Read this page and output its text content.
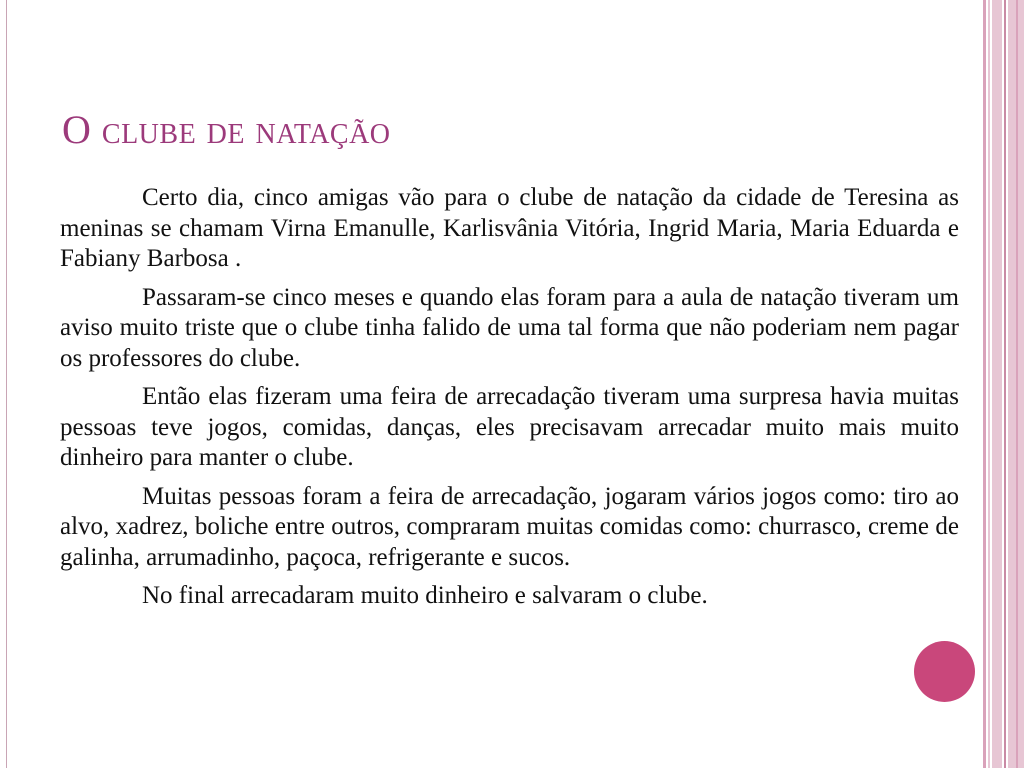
O clube de natação

Certo dia, cinco amigas vão para o clube de natação da cidade de Teresina as meninas se chamam Virna Emanulle, Karlisvânia Vitória, Ingrid Maria, Maria Eduarda e Fabiany Barbosa .

Passaram-se cinco meses e quando elas foram para a aula de natação tiveram um aviso muito triste que o clube tinha falido de uma tal forma que não poderiam nem pagar os professores do clube.

Então elas fizeram uma feira de arrecadação tiveram uma surpresa havia muitas pessoas teve jogos, comidas, danças, eles precisavam arrecadar muito mais muito dinheiro para manter o clube.

Muitas pessoas foram a feira de arrecadação, jogaram vários jogos como: tiro ao alvo, xadrez, boliche entre outros, compraram muitas comidas como: churrasco, creme de galinha, arrumadinho, paçoca, refrigerante e sucos.

No final arrecadaram muito dinheiro e salvaram o clube.
